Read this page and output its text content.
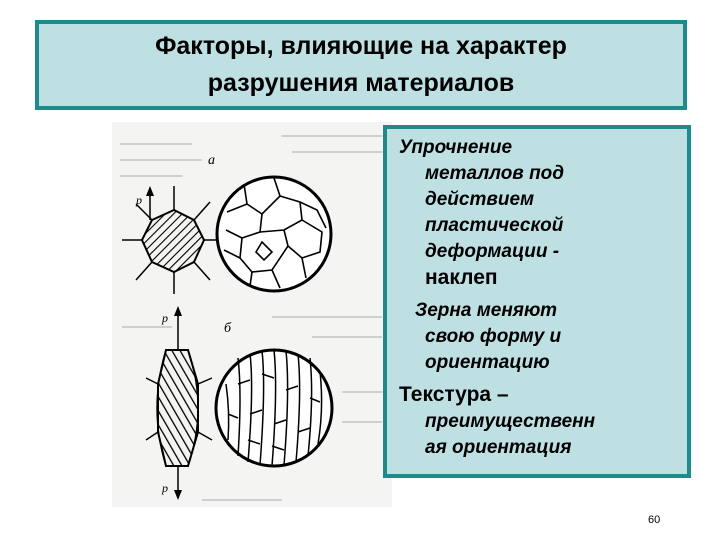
Факторы, влияющие на характер
разрушения материалов
а
р
б
р
р

Упрочнение
металлов под
действием
пластической
деформации -
наклеп

Зерна меняют
свою форму и
ориентацию

Текстура –
преимущественн
ая ориентация

60
